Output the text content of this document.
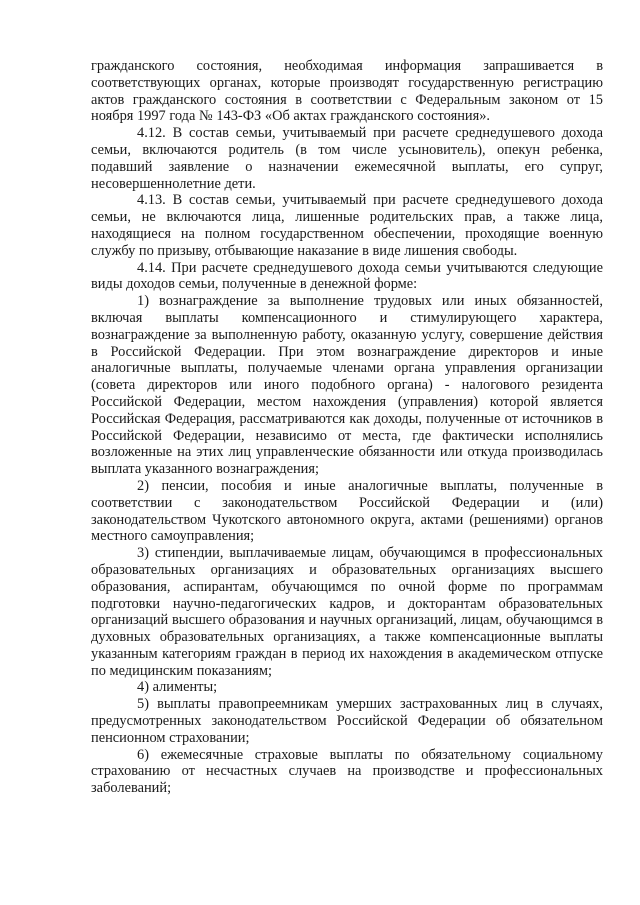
гражданского состояния, необходимая информация запрашивается в соответствующих органах, которые производят государственную регистрацию актов гражданского состояния в соответствии с Федеральным законом от 15 ноября 1997 года № 143-ФЗ «Об актах гражданского состояния».

4.12. В состав семьи, учитываемый при расчете среднедушевого дохода семьи, включаются родитель (в том числе усыновитель), опекун ребенка, подавший заявление о назначении ежемесячной выплаты, его супруг, несовершеннолетние дети.

4.13. В состав семьи, учитываемый при расчете среднедушевого дохода семьи, не включаются лица, лишенные родительских прав, а также лица, находящиеся на полном государственном обеспечении, проходящие военную службу по призыву, отбывающие наказание в виде лишения свободы.

4.14. При расчете среднедушевого дохода семьи учитываются следующие виды доходов семьи, полученные в денежной форме:

1) вознаграждение за выполнение трудовых или иных обязанностей, включая выплаты компенсационного и стимулирующего характера, вознаграждение за выполненную работу, оказанную услугу, совершение действия в Российской Федерации. При этом вознаграждение директоров и иные аналогичные выплаты, получаемые членами органа управления организации (совета директоров или иного подобного органа) - налогового резидента Российской Федерации, местом нахождения (управления) которой является Российская Федерация, рассматриваются как доходы, полученные от источников в Российской Федерации, независимо от места, где фактически исполнялись возложенные на этих лиц управленческие обязанности или откуда производилась выплата указанного вознаграждения;

2) пенсии, пособия и иные аналогичные выплаты, полученные в соответствии с законодательством Российской Федерации и (или) законодательством Чукотского автономного округа, актами (решениями) органов местного самоуправления;

3) стипендии, выплачиваемые лицам, обучающимся в профессиональных образовательных организациях и образовательных организациях высшего образования, аспирантам, обучающимся по очной форме по программам подготовки научно-педагогических кадров, и докторантам образовательных организаций высшего образования и научных организаций, лицам, обучающимся в духовных образовательных организациях, а также компенсационные выплаты указанным категориям граждан в период их нахождения в академическом отпуске по медицинским показаниям;

4) алименты;

5) выплаты правопреемникам умерших застрахованных лиц в случаях, предусмотренных законодательством Российской Федерации об обязательном пенсионном страховании;

6) ежемесячные страховые выплаты по обязательному социальному страхованию от несчастных случаев на производстве и профессиональных заболеваний;
